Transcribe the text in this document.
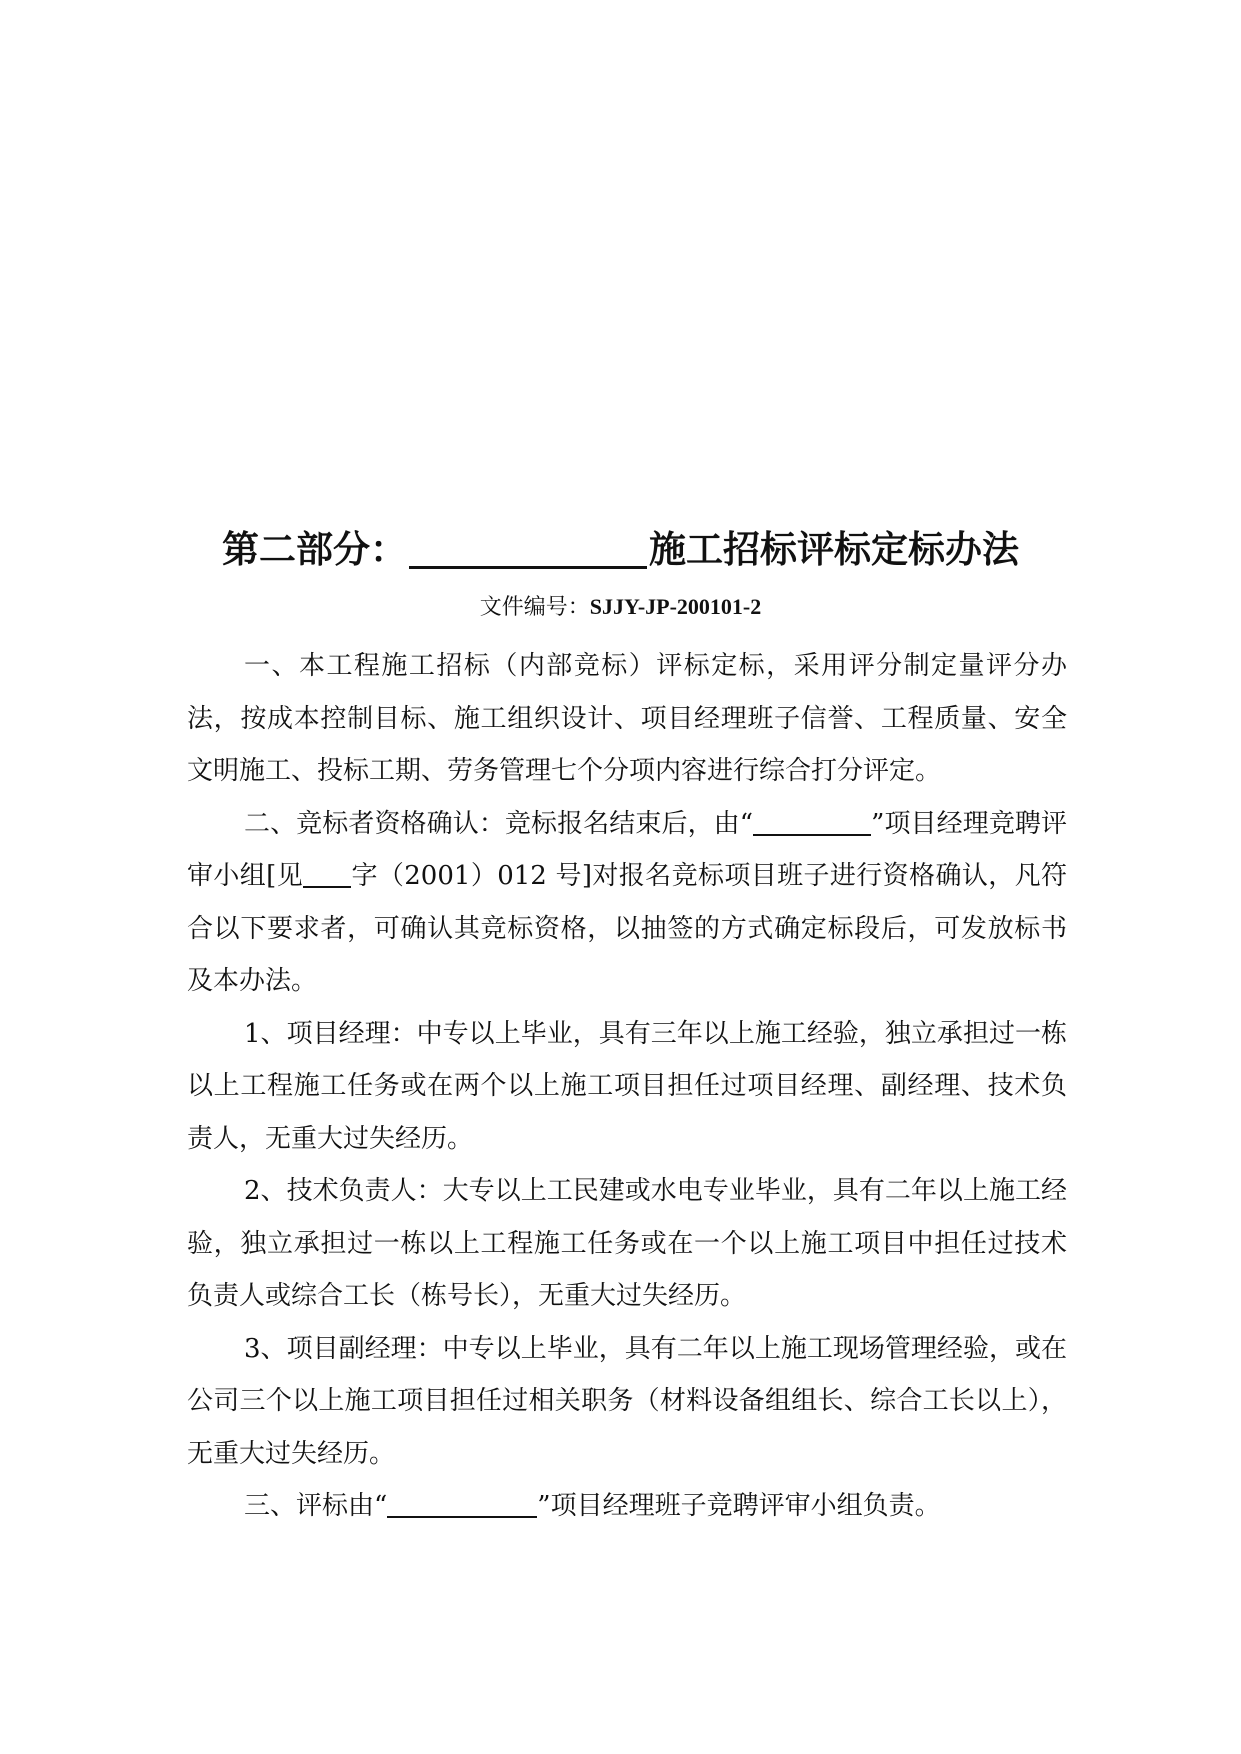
第二部分：	施工招标评标定标办法
文件编号：SJJY-JP-200101-2

一、本工程施工招标（内部竞标）评标定标，采用评分制定量评分办法，按成本控制目标、施工组织设计、项目经理班子信誉、工程质量、安全文明施工、投标工期、劳务管理七个分项内容进行综合打分评定。

二、竞标者资格确认：竞标报名结束后，由“	”项目经理竞聘评审小组[见 字（2001）012 号]对报名竞标项目班子进行资格确认，凡符合以下要求者，可确认其竞标资格，以抽签的方式确定标段后，可发放标书及本办法。

1、项目经理：中专以上毕业，具有三年以上施工经验，独立承担过一栋以上工程施工任务或在两个以上施工项目担任过项目经理、副经理、技术负责人，无重大过失经历。

2、技术负责人：大专以上工民建或水电专业毕业，具有二年以上施工经验，独立承担过一栋以上工程施工任务或在一个以上施工项目中担任过技术负责人或综合工长（栋号长），无重大过失经历。

3、项目副经理：中专以上毕业，具有二年以上施工现场管理经验，或在公司三个以上施工项目担任过相关职务（材料设备组组长、综合工长以上），无重大过失经历。

三、评标由“	”项目经理班子竞聘评审小组负责。
